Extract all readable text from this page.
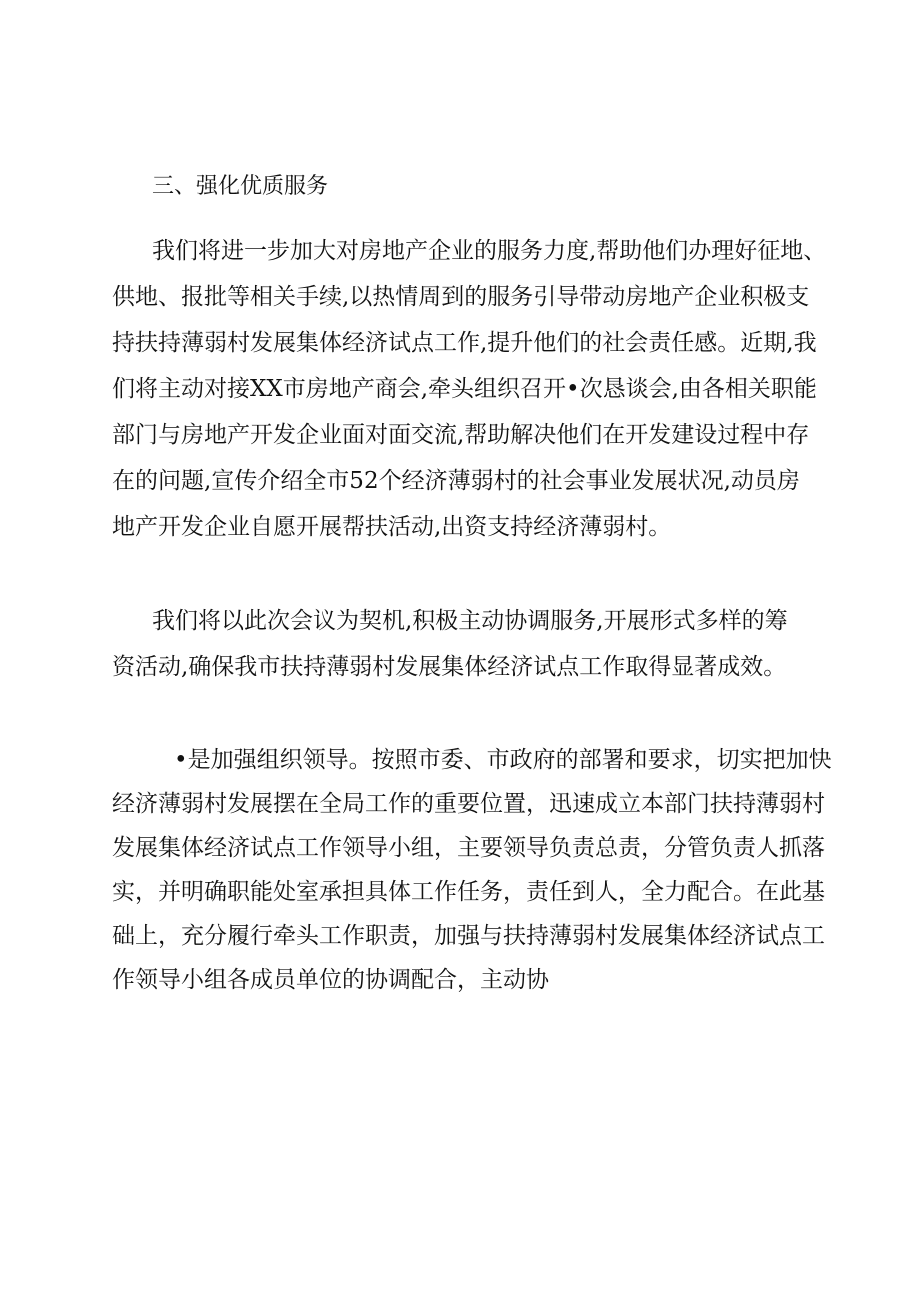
三、强化优质服务
我们将进一步加大对房地产企业的服务力度,帮助他们办理好征地、
供地、报批等相关手续,以热情周到的服务引导带动房地产企业积极支
持扶持薄弱村发展集体经济试点工作,提升他们的社会责任感。近期,我
们将主动对接XX市房地产商会,牵头组织召开•次恳谈会,由各相关职能
部门与房地产开发企业面对面交流,帮助解决他们在开发建设过程中存
在的问题,宣传介绍全市52个经济薄弱村的社会事业发展状况,动员房
地产开发企业自愿开展帮扶活动,出资支持经济薄弱村。
我们将以此次会议为契机,积极主动协调服务,开展形式多样的筹
资活动,确保我市扶持薄弱村发展集体经济试点工作取得显著成效。
•是加强组织领导。按照市委、市政府的部署和要求，切实把加快
经济薄弱村发展摆在全局工作的重要位置，迅速成立本部门扶持薄弱村
发展集体经济试点工作领导小组，主要领导负责总责，分管负责人抓落
实，并明确职能处室承担具体工作任务，责任到人，全力配合。在此基
础上，充分履行牵头工作职责，加强与扶持薄弱村发展集体经济试点工
作领导小组各成员单位的协调配合，主动协
